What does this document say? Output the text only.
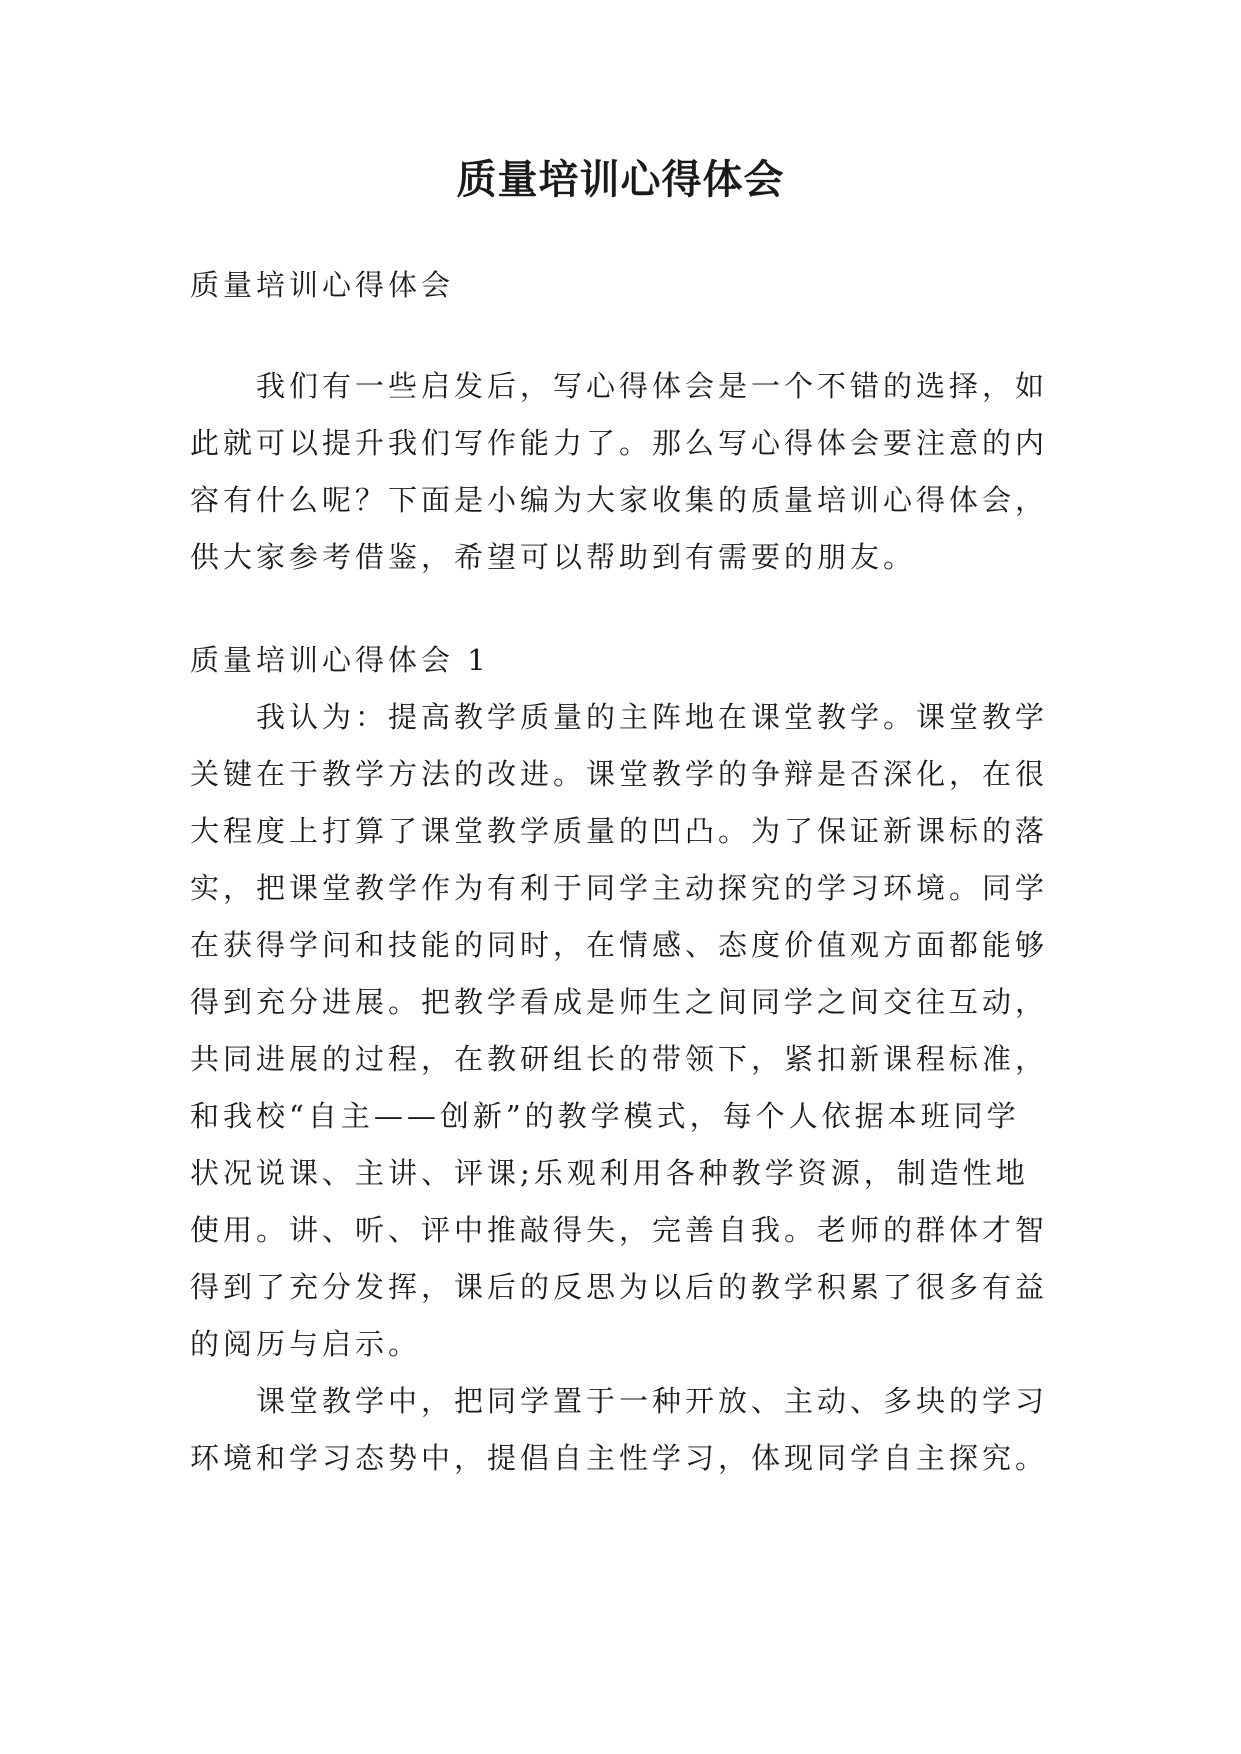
质量培训心得体会

质量培训心得体会

我们有一些启发后，写心得体会是一个不错的选择，如

此就可以提升我们写作能力了。那么写心得体会要注意的内

容有什么呢？下面是小编为大家收集的质量培训心得体会，

供大家参考借鉴，希望可以帮助到有需要的朋友。

质量培训心得体会 1

我认为：提高教学质量的主阵地在课堂教学。课堂教学

关键在于教学方法的改进。课堂教学的争辩是否深化，在很

大程度上打算了课堂教学质量的凹凸。为了保证新课标的落

实，把课堂教学作为有利于同学主动探究的学习环境。同学

在获得学问和技能的同时，在情感、态度价值观方面都能够

得到充分进展。把教学看成是师生之间同学之间交往互动，

共同进展的过程，在教研组长的带领下，紧扣新课程标准，

和我校“自主——创新”的教学模式，每个人依据本班同学

状况说课、主讲、评课;乐观利用各种教学资源，制造性地

使用。讲、听、评中推敲得失，完善自我。老师的群体才智

得到了充分发挥，课后的反思为以后的教学积累了很多有益

的阅历与启示。

课堂教学中，把同学置于一种开放、主动、多块的学习

环境和学习态势中，提倡自主性学习，体现同学自主探究。
